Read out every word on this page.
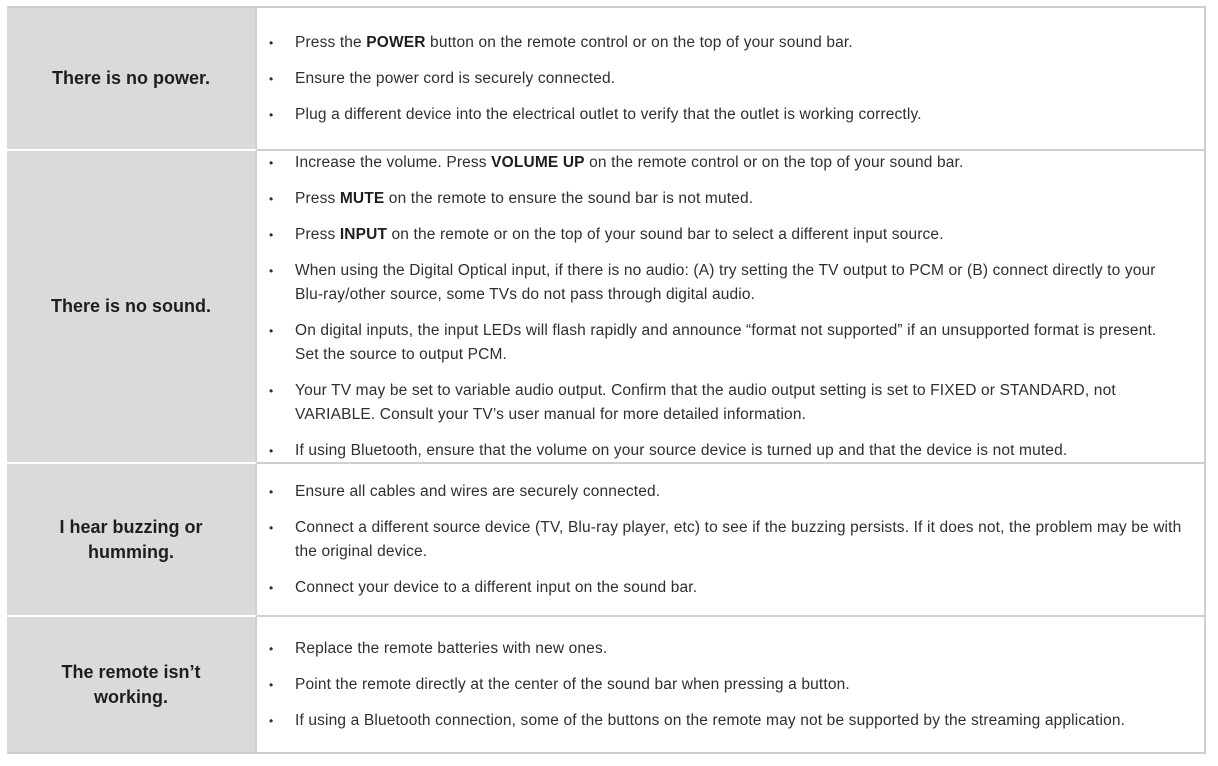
There is no power.
• Press the POWER button on the remote control or on the top of your sound bar.
• Ensure the power cord is securely connected.
• Plug a different device into the electrical outlet to verify that the outlet is working correctly.
There is no sound.
• Increase the volume. Press VOLUME UP on the remote control or on the top of your sound bar.
• Press MUTE on the remote to ensure the sound bar is not muted.
• Press INPUT on the remote or on the top of your sound bar to select a different input source.
• When using the Digital Optical input, if there is no audio: (A) try setting the TV output to PCM or (B) connect directly to your Blu-ray/other source, some TVs do not pass through digital audio.
• On digital inputs, the input LEDs will flash rapidly and announce “format not supported” if an unsupported format is present. Set the source to output PCM.
• Your TV may be set to variable audio output. Confirm that the audio output setting is set to FIXED or STANDARD, not VARIABLE. Consult your TV’s user manual for more detailed information.
• If using Bluetooth, ensure that the volume on your source device is turned up and that the device is not muted.
I hear buzzing or humming.
• Ensure all cables and wires are securely connected.
• Connect a different source device (TV, Blu-ray player, etc) to see if the buzzing persists. If it does not, the problem may be with the original device.
• Connect your device to a different input on the sound bar.
The remote isn’t working.
• Replace the remote batteries with new ones.
• Point the remote directly at the center of the sound bar when pressing a button.
• If using a Bluetooth connection, some of the buttons on the remote may not be supported by the streaming application.
